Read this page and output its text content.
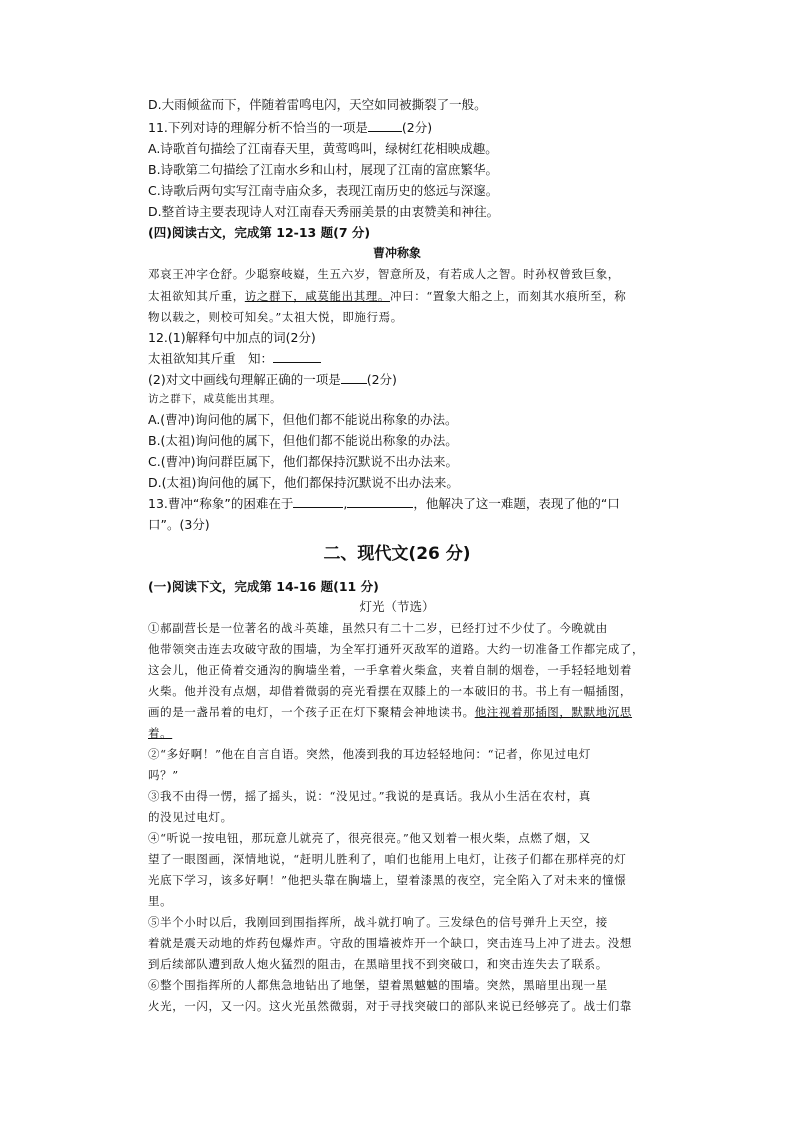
D.大雨倾盆而下，伴随着雷鸣电闪，天空如同被撕裂了一般。
11.下列对诗的理解分析不恰当的一项是	(2分)
A.诗歌首句描绘了江南春天里，黄莺鸣叫，绿树红花相映成趣。
B.诗歌第二句描绘了江南水乡和山村，展现了江南的富庶繁华。
C.诗歌后两句实写江南寺庙众多，表现江南历史的悠远与深邃。
D.整首诗主要表现诗人对江南春天秀丽美景的由衷赞美和神往。
(四)阅读古文，完成第 12-13 题(7 分)
曹冲称象
邓哀王冲字仓舒。少聪察岐嶷，生五六岁，智意所及，有若成人之智。时孙权曾致巨象，
太祖欲知其斤重，访之群下，咸莫能出其理。冲曰：“置象大船之上，而刻其水痕所至，称
物以载之，则校可知矣。”太祖大悦，即施行焉。
12.(1)解释句中加点的词(2分)
太祖欲知其斤重　知：
(2)对文中画线句理解正确的一项是 (2分)
访之群下，咸莫能出其理。
A.(曹冲)询问他的属下，但他们都不能说出称象的办法。
B.(太祖)询问他的属下，但他们都不能说出称象的办法。
C.(曹冲)询问群臣属下，他们都保持沉默说不出办法来。
D.(太祖)询问他的属下，他们都保持沉默说不出办法来。
13.曹冲“称象”的困难在于	,	，他解决了这一难题，表现了他的“口
口”。(3分)
二、现代文(26 分)
(一)阅读下文，完成第 14-16 题(11 分)
灯光（节选）
①郝副营长是一位著名的战斗英雄，虽然只有二十二岁，已经打过不少仗了。今晚就由
他带领突击连去攻破守敌的围墙，为全军打通歼灭敌军的道路。大约一切准备工作都完成了，
这会儿，他正倚着交通沟的胸墙坐着，一手拿着火柴盒，夹着自制的烟卷，一手轻轻地划着
火柴。他并没有点烟，却借着微弱的亮光看摆在双膝上的一本破旧的书。书上有一幅插图，
画的是一盏吊着的电灯，一个孩子正在灯下聚精会神地读书。他注视着那插图，默默地沉思
着。
②“多好啊！”他在自言自语。突然，他凑到我的耳边轻轻地问：“记者，你见过电灯
吗？”
③我不由得一愣，摇了摇头，说：“没见过。”我说的是真话。我从小生活在农村，真
的没见过电灯。
④“听说一按电钮，那玩意儿就亮了，很亮很亮。”他又划着一根火柴，点燃了烟，又
望了一眼图画，深情地说，“赶明儿胜利了，咱们也能用上电灯，让孩子们都在那样亮的灯
光底下学习，该多好啊！”他把头靠在胸墙上，望着漆黑的夜空，完全陷入了对未来的憧憬
里。
⑤半个小时以后，我刚回到围指挥所，战斗就打响了。三发绿色的信号弹升上天空，接
着就是震天动地的炸药包爆炸声。守敌的围墙被炸开一个缺口，突击连马上冲了进去。没想
到后续部队遭到敌人炮火猛烈的阻击，在黑暗里找不到突破口，和突击连失去了联系。
⑥整个围指挥所的人都焦急地钻出了地堡，望着黑魆魆的围墙。突然，黑暗里出现一星
火光，一闪，又一闪。这火光虽然微弱，对于寻找突破口的部队来说已经够亮了。战士们靠
